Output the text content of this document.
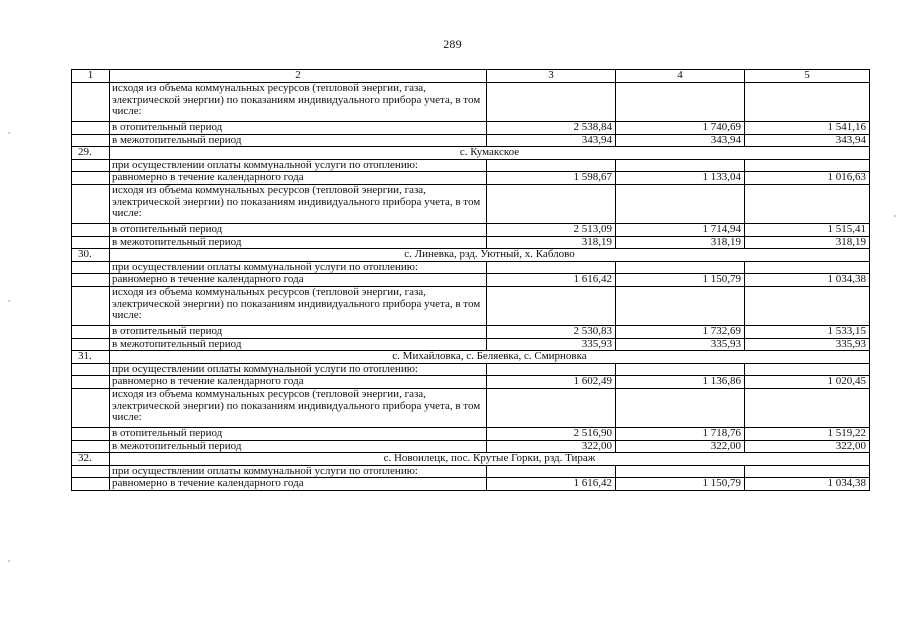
289
1	2	3	4	5
	исходя из объема коммунальных ресурсов (тепловой энергии, газа, электрической энергии) по показаниям индивидуального прибора учета, в том числе:			
	в отопительный период	2 538,84	1 740,69	1 541,16
	в межотопительный период	343,94	343,94	343,94
29.	с. Кумакское			
	при осуществлении оплаты коммунальной услуги по отоплению:			
	равномерно в течение календарного года	1 598,67	1 133,04	1 016,63
	исходя из объема коммунальных ресурсов (тепловой энергии, газа, электрической энергии) по показаниям индивидуального прибора учета, в том числе:			
	в отопительный период	2 513,09	1 714,94	1 515,41
	в межотопительный период	318,19	318,19	318,19
30.	с. Линевка, рзд. Уютный, х. Каблово			
	при осуществлении оплаты коммунальной услуги по отоплению:			
	равномерно в течение календарного года	1 616,42	1 150,79	1 034,38
	исходя из объема коммунальных ресурсов (тепловой энергии, газа, электрической энергии) по показаниям индивидуального прибора учета, в том числе:			
	в отопительный период	2 530,83	1 732,69	1 533,15
	в межотопительный период	335,93	335,93	335,93
31.	с. Михайловка, с. Беляевка, с. Смирновка			
	при осуществлении оплаты коммунальной услуги по отоплению:			
	равномерно в течение календарного года	1 602,49	1 136,86	1 020,45
	исходя из объема коммунальных ресурсов (тепловой энергии, газа, электрической энергии) по показаниям индивидуального прибора учета, в том числе:			
	в отопительный период	2 516,90	1 718,76	1 519,22
	в межотопительный период	322,00	322,00	322,00
32.	с. Новоилецк, пос. Крутые Горки, рзд. Тираж			
	при осуществлении оплаты коммунальной услуги по отоплению:			
	равномерно в течение календарного года	1 616,42	1 150,79	1 034,38
